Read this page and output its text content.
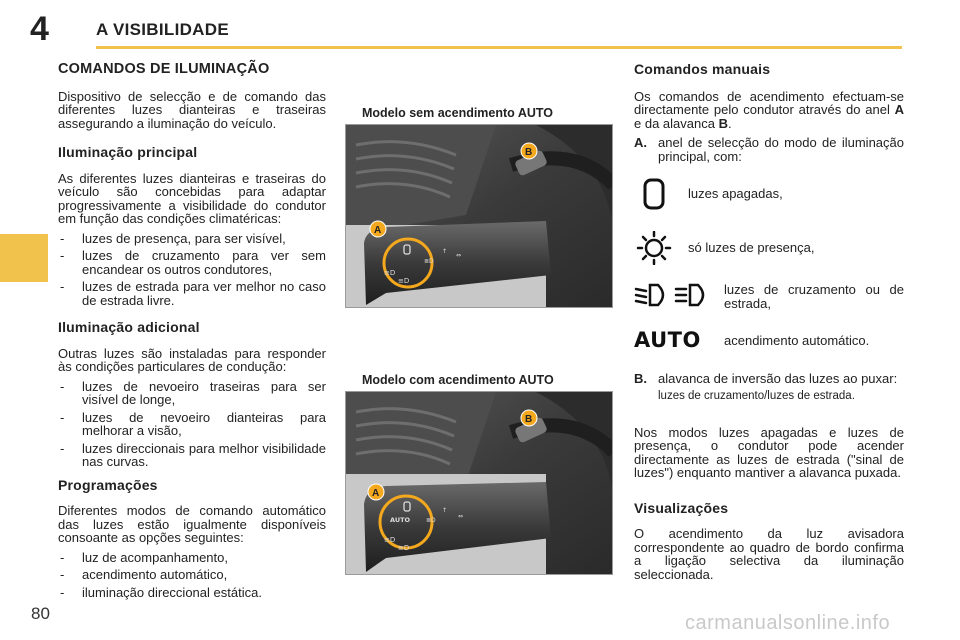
4	A VISIBILIDADE
COMANDOS DE ILUMINAÇÃO

Dispositivo de selecção e de comando das diferentes luzes dianteiras e traseiras assegurando a iluminação do veículo.

Iluminação principal

As diferentes luzes dianteiras e traseiras do veículo são concebidas para adaptar progressivamente a visibilidade do condutor em função das condições climatéricas:

- luzes de presença, para ser visível,
- luzes de cruzamento para ver sem encandear os outros condutores,
- luzes de estrada para ver melhor no caso de estrada livre.
Iluminação adicional

Outras luzes são instaladas para responder às condições particulares de condução:

- luzes de nevoeiro traseiras para ser visível de longe,
- luzes de nevoeiro dianteiras para melhorar a visão,
- luzes direccionais para melhor visibilidade nas curvas.
Programações

Diferentes modos de comando automático das luzes estão igualmente disponíveis consoante as opções seguintes:

- luz de acompanhamento,
- acendimento automático,
- iluminação direccional estática.
Modelo sem acendimento AUTO
≡D
≡D
≣D
↑
⇔
A
B
Modelo com acendimento AUTO
AUTO
≡D
≡D
≣D
↑
⇔
A
B
Comandos manuais

Os comandos de acendimento efectuam-se directamente pelo condutor através do anel A e da alavanca B.

A. anel de selecção do modo de iluminação principal, com:
luzes apagadas,
só luzes de presença,
luzes de cruzamento ou de estrada,
AUTO	acendimento automático.
B. alavanca de inversão das luzes ao puxar:
luzes de cruzamento/luzes de estrada.

Nos modos luzes apagadas e luzes de presença, o condutor pode acender directamente as luzes de estrada ("sinal de luzes") enquanto mantiver a alavanca puxada.

Visualizações

O acendimento da luz avisadora correspondente ao quadro de bordo confirma a ligação selectiva da iluminação seleccionada.

80	carmanualsonline.info
